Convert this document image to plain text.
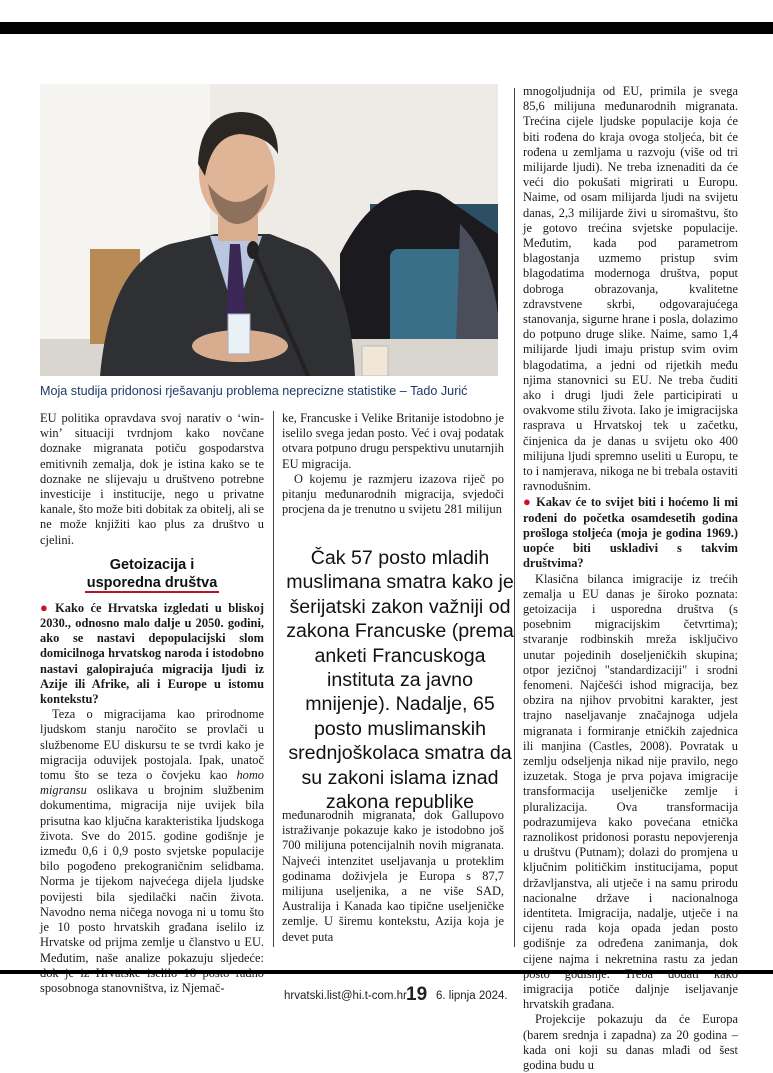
Moja studija pridonosi rješavanju problema neprecizne statistike – Tado Jurić

EU politika opravdava svoj narativ o ‘win-win’ situaciji tvrdnjom kako novčane doznake migranata potiču gospodarstva emitivnih zemalja, dok je istina kako se te doznake ne slijevaju u društveno potrebne investicije i institucije, nego u privatne kanale, što može biti dobitak za obitelj, ali se ne može knjižiti kao plus za društvo u cjelini.

Getoizacija i
usporedna društva

● Kako će Hrvatska izgledati u bliskoj 2030., odnosno malo dalje u 2050. godini, ako se nastavi depopulacijski slom domicilnoga hrvatskog naroda i istodobno nastavi galopirajuća migracija ljudi iz Azije ili Afrike, ali i Europe u istomu kontekstu?

Teza o migracijama kao prirodnome ljudskom stanju naročito se provlači u službenome EU diskursu te se tvrdi kako je migracija oduvijek postojala. Ipak, unatoč tomu što se teza o čovjeku kao homo migransu oslikava u brojnim službenim dokumentima, migracija nije uvijek bila prisutna kao ključna karakteristika ljudskoga života. Sve do 2015. godine godišnje je između 0,6 i 0,9 posto svjetske populacije bilo pogođeno prekograničnim selidbama. Norma je tijekom najvećega dijela ljudske povijesti bila sjedilački način života. Navodno nema ničega novoga ni u tomu što je 10 posto hrvatskih građana iselilo iz Hrvatske od prijma zemlje u članstvo u EU. Međutim, naše analize pokazuju sljedeće: sposobnoga stanovništva, iz Njemač-

ke, Francuske i Velike Britanije istodobno je iselilo svega jedan posto. Već i ovaj podatak otvara potpuno drugu perspektivu unutarnjih EU migracija.

O kojemu je razmjeru izazova riječ po pitanju međunarodnih migracija, svjedoči procjena da je trenutno u svijetu 281 milijun

Čak 57 posto mladih muslimana smatra kako je šerijatski zakon važniji od zakona Francuske (prema anketi Francuskoga instituta za javno mnijenje). Nadalje, 65 posto muslimanskih srednjoškolaca smatra da su zakoni islama iznad zakona republike

međunarodnih migranata, dok Gallupovo istraživanje pokazuje kako je istodobno još 700 milijuna potencijalnih novih migranata. Najveći intenzitet useljavanja u proteklim godinama doživjela je Europa s 87,7 milijuna useljenika, a ne više SAD, Australija i Kanada kao tipične useljeničke zemlje. U širemu kontekstu, Azija koja je devet puta

mnogoljudnija od EU, primila je svega 85,6 milijuna međunarodnih migranata. Trećina cijele ljudske populacije koja će biti rođena do kraja ovoga stoljeća, bit će rođena u zemljama u razvoju (više od tri milijarde ljudi). Ne treba iznenaditi da će veći dio pokušati migrirati u Europu. Naime, od osam milijarda ljudi na svijetu danas, 2,3 milijarde živi u siromaštvu, što je gotovo trećina svjetske populacije. Međutim, kada pod parametrom blagostanja uzmemo pristup svim blagodatima modernoga društva, poput dobroga obrazovanja, kvalitetne zdravstvene skrbi, odgovarajućega stanovanja, sigurne hrane i posla, dolazimo do potpuno druge slike. Naime, samo 1,4 milijarde ljudi imaju pristup svim ovim blagodatima, a jedni od rijetkih među njima stanovnici su EU. Ne treba čuditi ako i drugi ljudi žele participirati u ovakvome stilu života. Iako je imigracijska rasprava u Hrvatskoj tek u začetku, činjenica da je danas u svijetu oko 400 milijuna ljudi spremno useliti u Europu, te to i namjerava, nikoga ne bi trebala ostaviti ravnodušnim.

● Kakav će to svijet biti i hoćemo li mi rođeni do početka osamdesetih godina prošloga stoljeća (moja je godina 1969.) uopće biti uskladivi s takvim društvima?

Klasična bilanca imigracije iz trećih zemalja u EU danas je široko poznata: getoizacija i usporedna društva (s posebnim migracijskim četvrtima); stvaranje rodbinskih mreža isključivo unutar pojedinih doseljeničkih skupina; otpor jezičnoj "standardizaciji" i srodni fenomeni. Najčešći ishod migracija, bez obzira na njihov prvobitni karakter, jest trajno naseljavanje značajnoga udjela migranata i formiranje etničkih zajednica ili manjina (Castles, 2008). Povratak u zemlju odseljenja nikad nije pravilo, nego izuzetak. Stoga je prva pojava imigracije transformacija useljeničke zemlje i pluralizacija. Ova transformacija podrazumijeva kako povećana etnička raznolikost pridonosi porastu nepovjerenja u društvu (Putnam); dolazi do promjena u ključnim političkim institucijama, poput državljanstva, ali utječe i na samu prirodu nacionalne države i nacionalnoga identiteta. Imigracija, nadalje, utječe i na cijenu rada koja opada jedan posto godišnje za određena zanimanja, dok cijene najma i nekretnina rastu za jedan imigracija potiče daljnje iseljavanje hrvatskih građana.

Projekcije pokazuju da će Europa (barem srednja i zapadna) za 20 godina – kada oni koji su danas mlađi od šest godina budu u

hrvatski.list@hi.t-com.hr 19 6. lipnja 2024.
